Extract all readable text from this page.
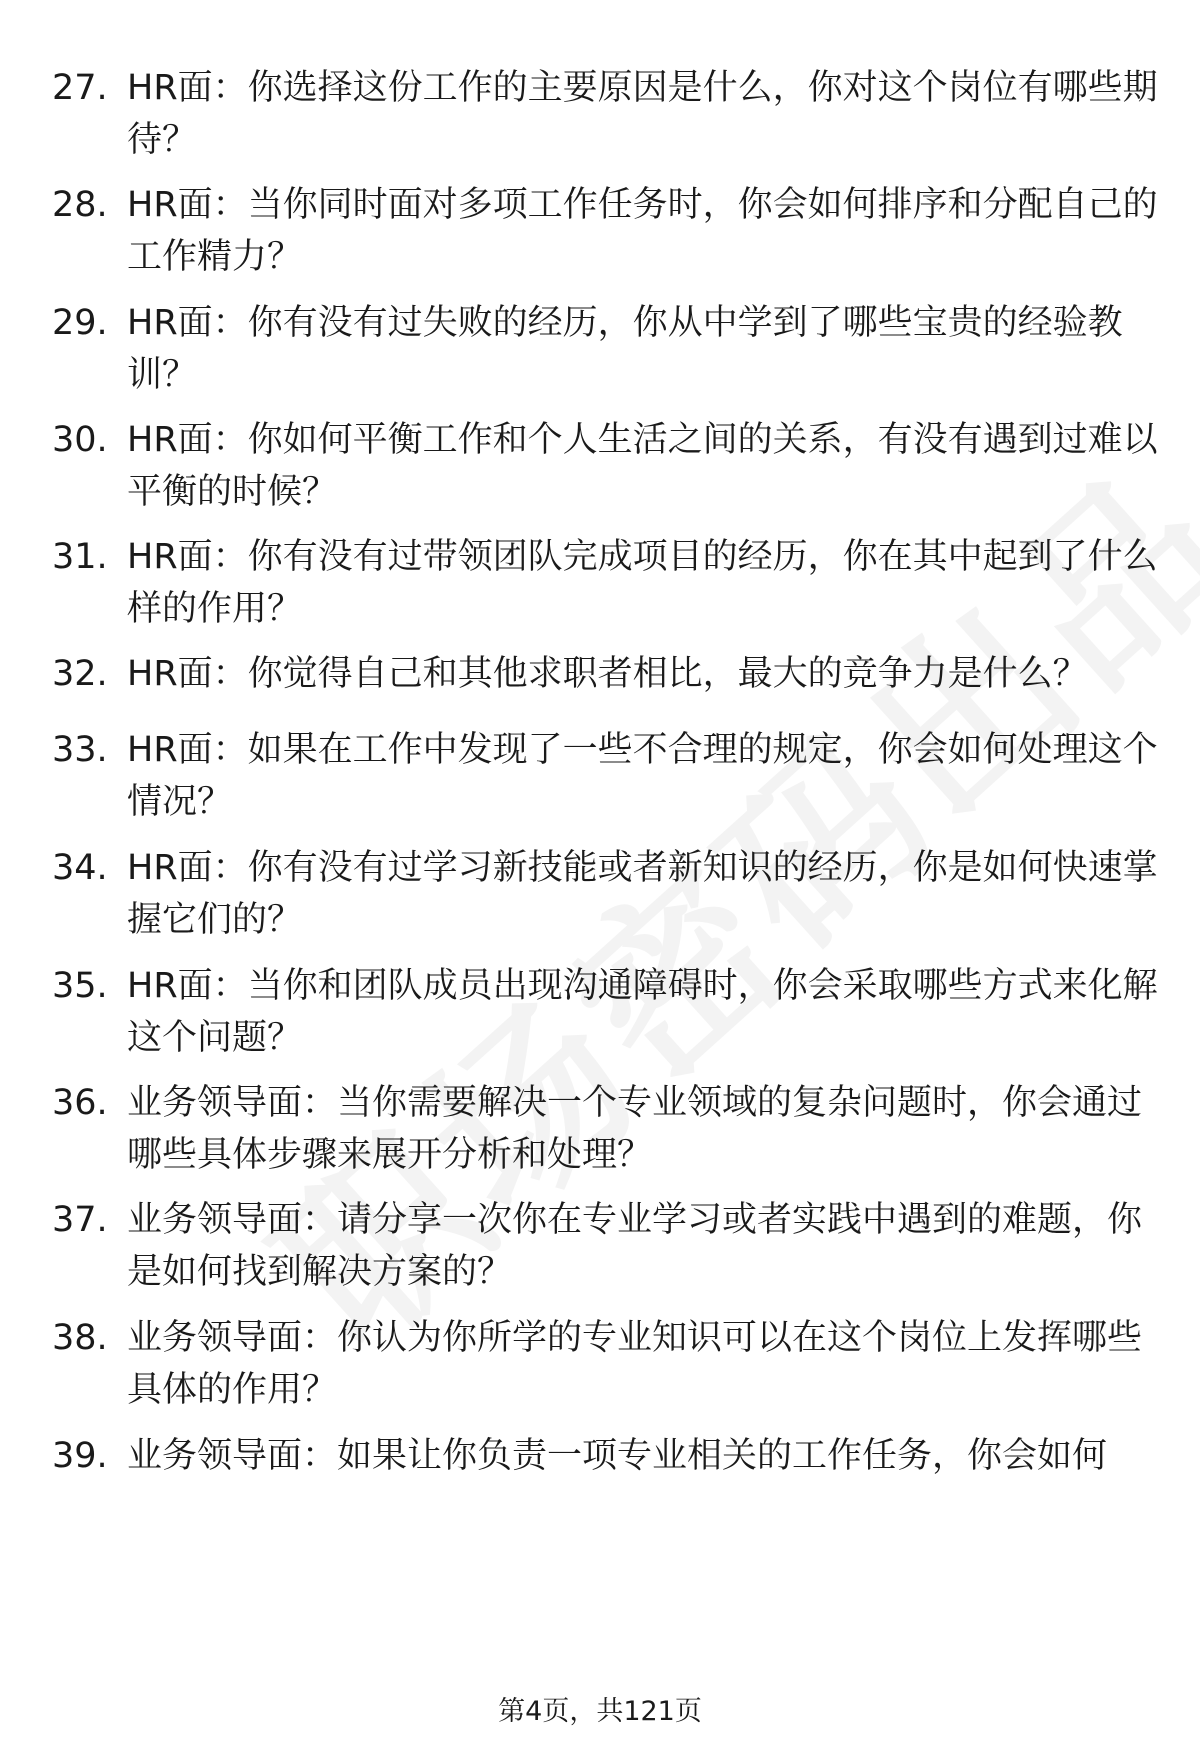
27. HR面：你选择这份工作的主要原因是什么，你对这个岗位有哪些期待？
28. HR面：当你同时面对多项工作任务时，你会如何排序和分配自己的工作精力？
29. HR面：你有没有过失败的经历，你从中学到了哪些宝贵的经验教训？
30. HR面：你如何平衡工作和个人生活之间的关系，有没有遇到过难以平衡的时候？
31. HR面：你有没有过带领团队完成项目的经历，你在其中起到了什么样的作用？
32. HR面：你觉得自己和其他求职者相比，最大的竞争力是什么？
33. HR面：如果在工作中发现了一些不合理的规定，你会如何处理这个情况？
34. HR面：你有没有过学习新技能或者新知识的经历，你是如何快速掌握它们的？
35. HR面：当你和团队成员出现沟通障碍时，你会采取哪些方式来化解这个问题？
36. 业务领导面：当你需要解决一个专业领域的复杂问题时，你会通过哪些具体步骤来展开分析和处理？
37. 业务领导面：请分享一次你在专业学习或者实践中遇到的难题，你是如何找到解决方案的？
38. 业务领导面：你认为你所学的专业知识可以在这个岗位上发挥哪些具体的作用？
39. 业务领导面：如果让你负责一项专业相关的工作任务，你会如何
第4页，共121页
